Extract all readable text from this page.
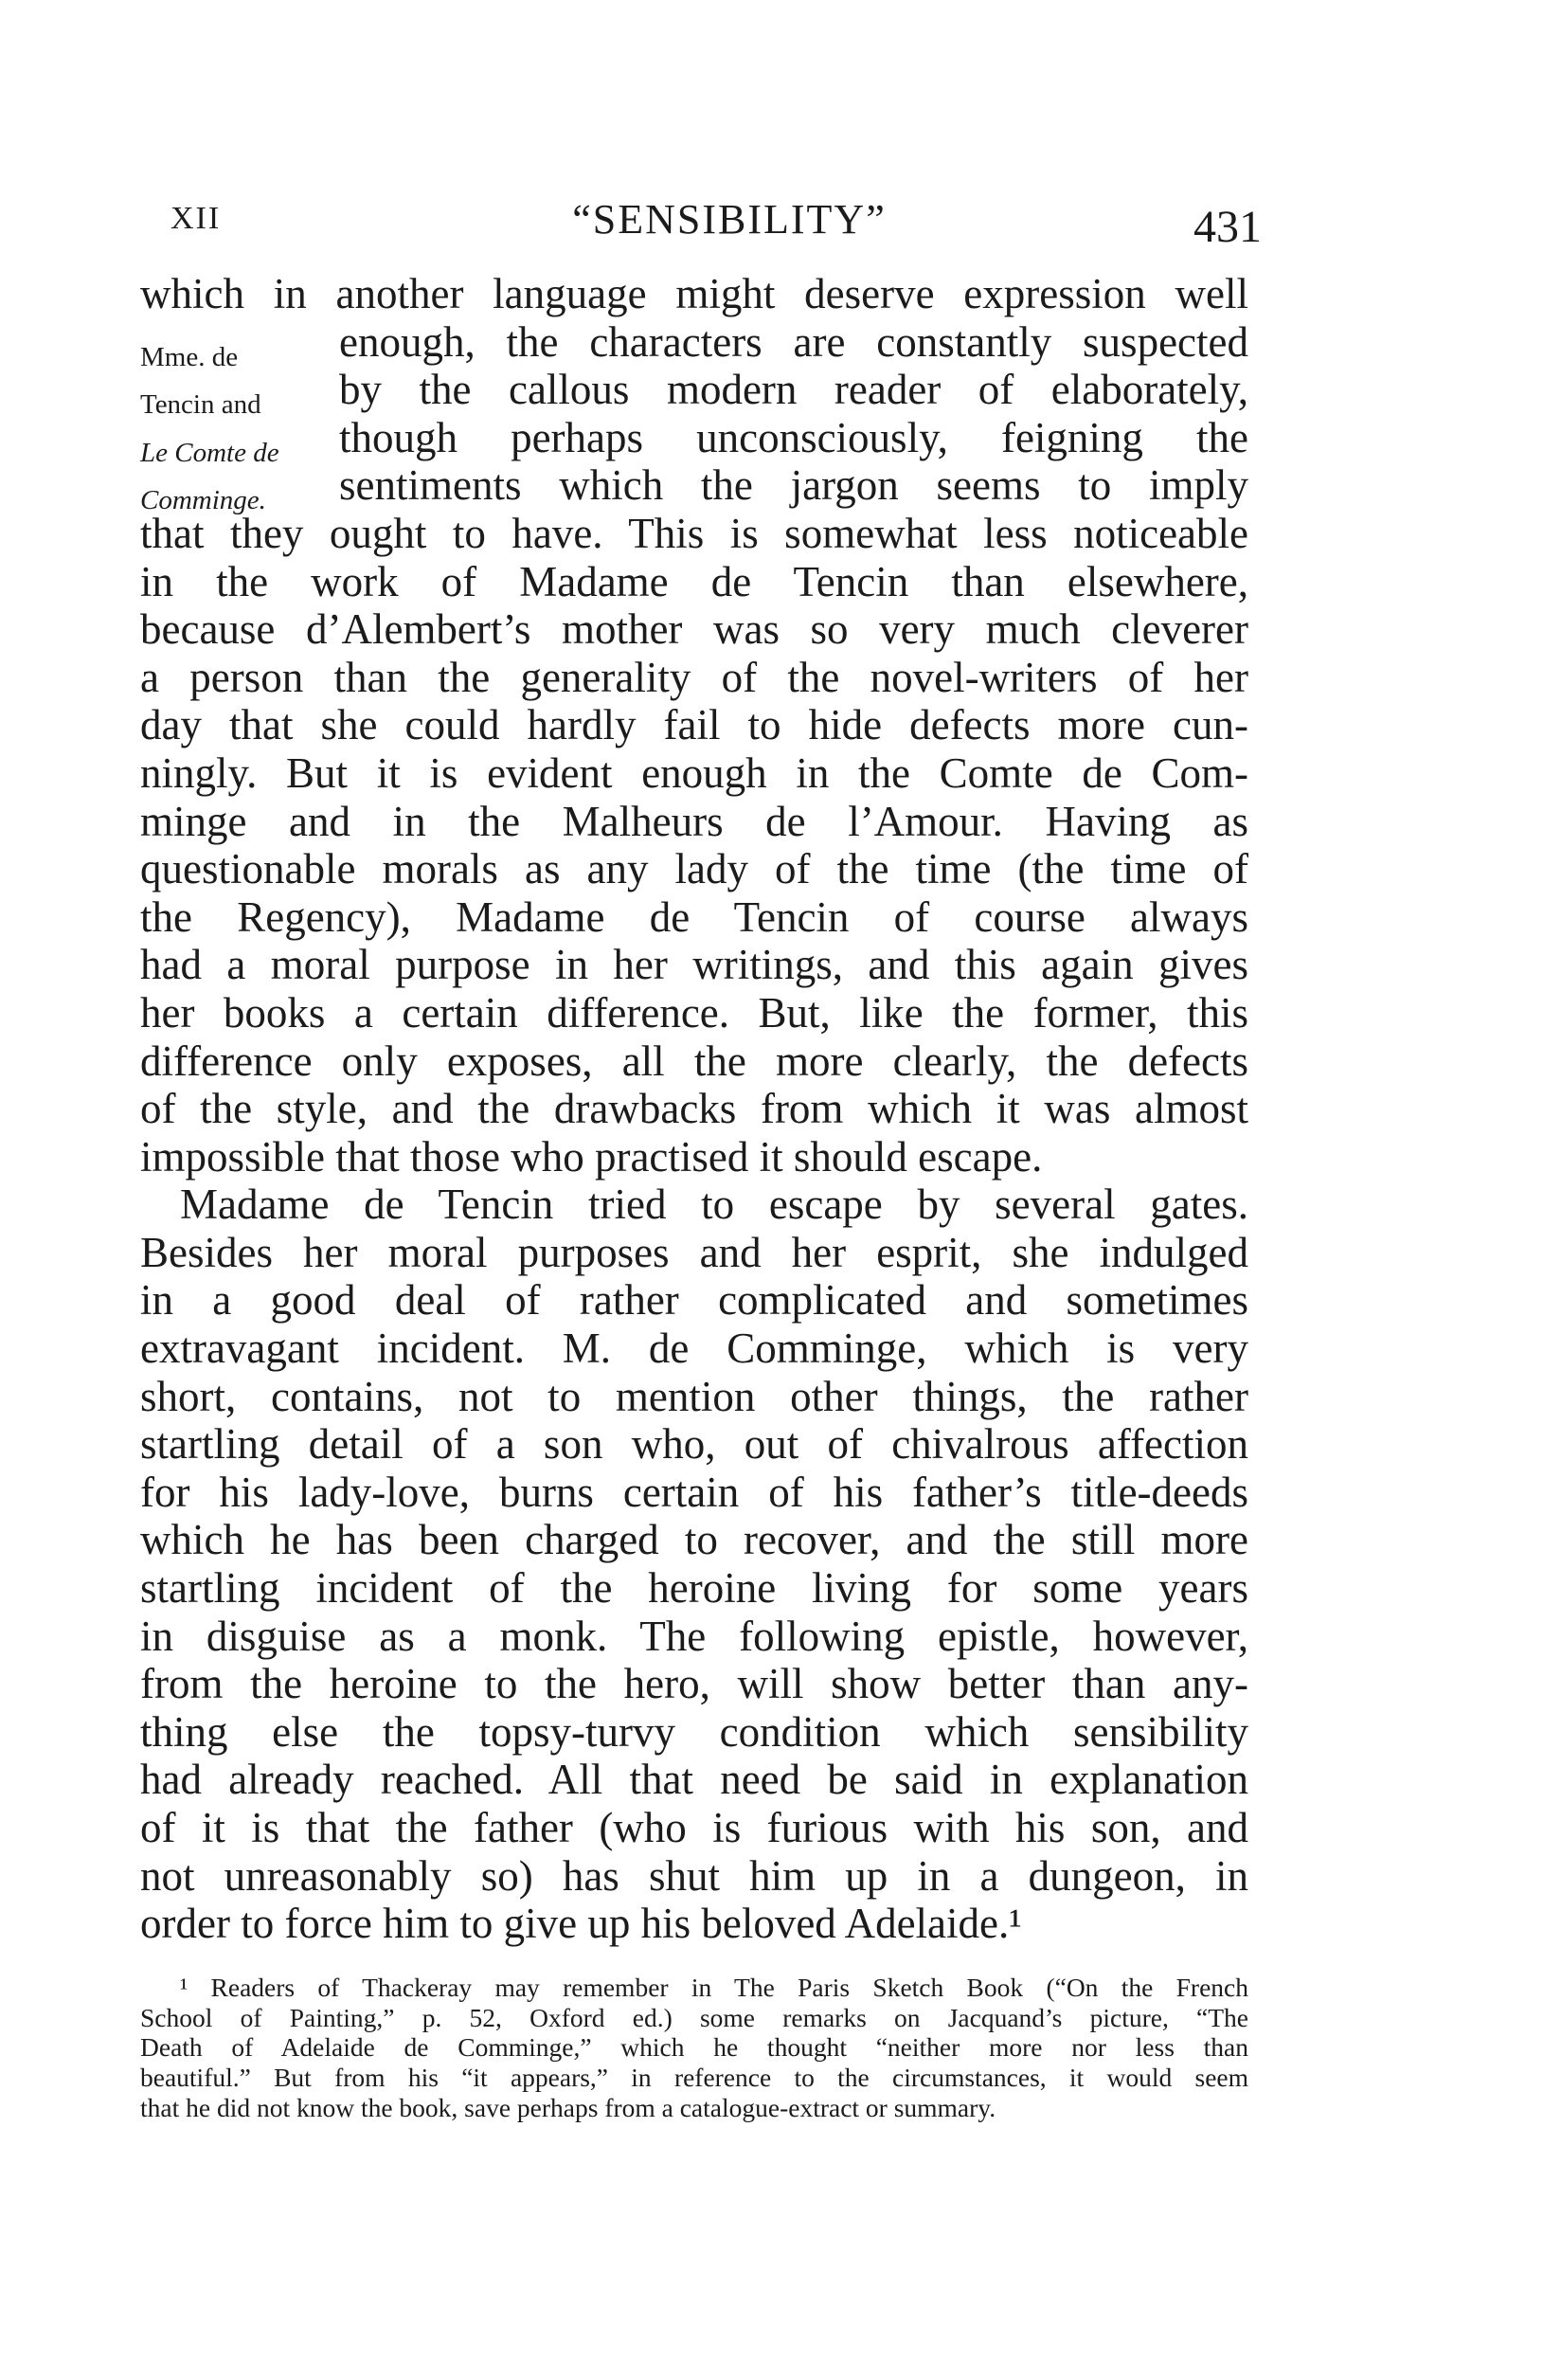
XII	“SENSIBILITY”	431
which in another language might deserve expression well
Mme. de enough, the characters are constantly suspected
Tencin and by the callous modern reader of elaborately,
Le Comte de though perhaps unconsciously, feigning the
Comminge. sentiments which the jargon seems to imply
that they ought to have. This is somewhat less noticeable
in the work of Madame de Tencin than elsewhere,
because d’Alembert’s mother was so very much cleverer
a person than the generality of the novel-writers of her
day that she could hardly fail to hide defects more cun-
ningly. But it is evident enough in the Comte de Com-
minge and in the Malheurs de l’Amour. Having as
questionable morals as any lady of the time (the time of
the Regency), Madame de Tencin of course always
had a moral purpose in her writings, and this again gives
her books a certain difference. But, like the former, this
difference only exposes, all the more clearly, the defects
of the style, and the drawbacks from which it was almost
impossible that those who practised it should escape.
Madame de Tencin tried to escape by several gates.
Besides her moral purposes and her esprit, she indulged
in a good deal of rather complicated and sometimes
extravagant incident. M. de Comminge, which is very
short, contains, not to mention other things, the rather
startling detail of a son who, out of chivalrous affection
for his lady-love, burns certain of his father’s title-deeds
which he has been charged to recover, and the still more
startling incident of the heroine living for some years
in disguise as a monk. The following epistle, however,
from the heroine to the hero, will show better than any-
thing else the topsy-turvy condition which sensibility
had already reached. All that need be said in explanation
of it is that the father (who is furious with his son, and
not unreasonably so) has shut him up in a dungeon, in
order to force him to give up his beloved Adelaide.¹
¹ Readers of Thackeray may remember in The Paris Sketch Book (“On the French
School of Painting,” p. 52, Oxford ed.) some remarks on Jacquand’s picture, “The
Death of Adelaide de Comminge,” which he thought “neither more nor less than
beautiful.” But from his “it appears,” in reference to the circumstances, it would seem
that he did not know the book, save perhaps from a catalogue-extract or summary.
